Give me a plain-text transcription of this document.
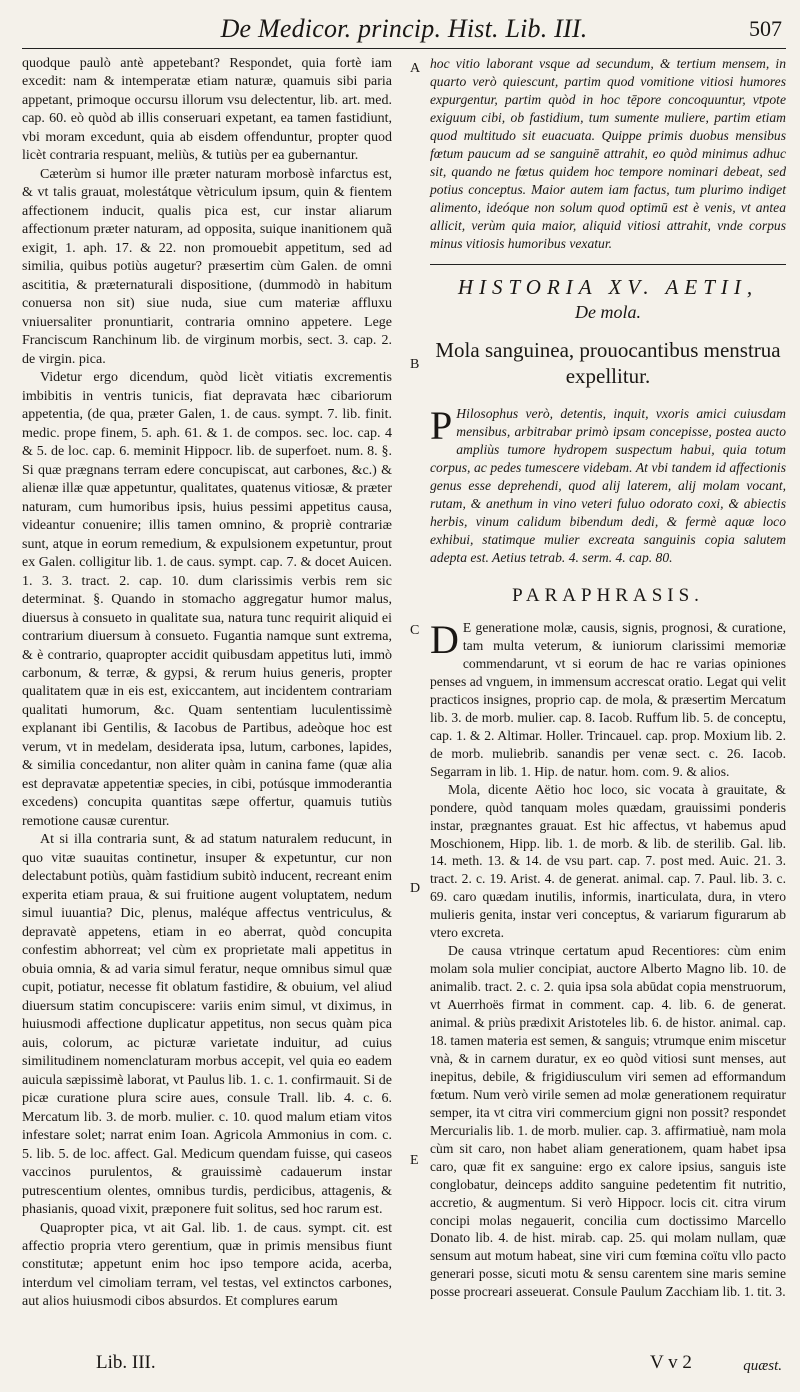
De Medicor. princip. Hist. Lib. III.	507

quodque paulò antè appetebant? Respondet, quia fortè iam excedit: nam & intemperatæ etiam naturæ, quamuis sibi paria appetant, primoque occursu illorum vsu delectentur, lib. art. med. cap. 60. eò quòd ab illis conseruari expetant, ea tamen fastidiunt, vbi moram excedunt, quia ab eisdem offenduntur, propter quod licèt contraria respuant, meliùs, & tutiùs per ea gubernantur.

Cæterùm si humor ille præter naturam morbosè infarctus est, & vt talis grauat, molestátque vètriculum ipsum, quin & fientem affectionem inducit, qualis pica est, cur instar aliarum affectionum præter naturam, ad opposita, suique inanitionem quã exigit, 1. aph. 17. & 22. non promouebit appetitum, sed ad similia, quibus potiùs augetur? præsertim cùm Galen. de omni ascititia, & præternaturali dispositione, (dummodò in habitum conuersa non sit) siue nuda, siue cum materiæ affluxu vniuersaliter pronuntiarit, contraria omnino appetere. Lege Franciscum Ranchinum lib. de virginum morbis, sect. 3. cap. 2. de virgin. pica.

Videtur ergo dicendum, quòd licèt vitiatis excrementis imbibitis in ventris tunicis, fiat depravata hæc cibariorum appetentia, (de qua, præter Galen, 1. de caus. sympt. 7. lib. finit. medic. prope finem, 5. aph. 61. & 1. de compos. sec. loc. cap. 4 & 5. de loc. cap. 6. meminit Hippocr. lib. de superfoet. num. 8. §. Si quæ prægnans terram edere concupiscat, aut carbones, &c.) & alienæ illæ quæ appetuntur, qualitates, quatenus vitiosæ, & præter naturam, cum humoribus ipsis, huius pessimi appetitus causa, videantur conuenire; illis tamen omnino, & propriè contrariæ sunt, atque in eorum remedium, & expulsionem expetuntur, prout ex Galen. colligitur lib. 1. de caus. sympt. cap. 7. & docet Auicen. 1. 3. 3. tract. 2. cap. 10. dum clarissimis verbis rem sic determinat. §. Quando in stomacho aggregatur humor malus, diuersus à consueto in qualitate sua, natura tunc requirit aliquid ei contrarium diuersum à consueto. Fugantia namque sunt extrema, & è contrario, quapropter accidit quibusdam appetitus luti, immò carbonum, & terræ, & gypsi, & rerum huius generis, propter qualitatem quæ in eis est, exiccantem, aut incidentem contrariam qualitati humorum, &c. Quam sententiam luculentissimè explanant ibi Gentilis, & Iacobus de Partibus, adeòque hoc est verum, vt in medelam, desiderata ipsa, lutum, carbones, lapides, & similia concedantur, non aliter quàm in canina fame (quæ alia est depravatæ appetentiæ species, in cibi, potúsque immoderantia excedens) concupita quantitas sæpe offertur, quamuis tutiùs remotione causæ curentur.

At si illa contraria sunt, & ad statum naturalem reducunt, in quo vitæ suauitas continetur, insuper & expetuntur, cur non delectabunt potiùs, quàm fastidium subitò inducent, recreant enim experita etiam praua, & sui fruitione augent voluptatem, nedum simul iuuantia? Dic, plenus, maléque affectus ventriculus, & depravatè appetens, etiam in eo aberrat, quòd concupita confestim abhorreat; vel cùm ex proprietate mali appetitus in obuia omnia, & ad varia simul feratur, neque omnibus simul quæ cupit, potiatur, necesse fit oblatum fastidire, & obuium, vel aliud diuersum statim concupiscere: variis enim simul, vt diximus, in huiusmodi affectione duplicatur appetitus, non secus quàm pica auis, colorum, ac picturæ varietate induitur, ad cuius similitudinem nomenclaturam morbus accepit, vel quia eo eadem auicula sæpissimè laborat, vt Paulus lib. 1. c. 1. confirmauit. Si de picæ curatione plura scire aues, consule Trall. lib. 4. c. 6. Mercatum lib. 3. de morb. mulier. c. 10. quod malum etiam vitos infestare solet; narrat enim Ioan. Agricola Ammonius in com. c. 5. lib. 5. de loc. affect. Gal. Medicum quendam fuisse, qui caseos vaccinos purulentos, & grauissimè cadauerum instar putrescentium olentes, omnibus turdis, perdicibus, attagenis, & phasianis, quoad vixit, præponere fuit solitus, sed hoc rarum est.

Quapropter pica, vt ait Gal. lib. 1. de caus. sympt. cit. est affectio propria vtero gerentium, quæ in primis mensibus fiunt constitutæ; appetunt enim hoc ipso tempore acida, acerba, interdum vel cimoliam terram, vel testas, vel extinctos carbones, aut alios huiusmodi cibos absurdos. Et complures earum

A
B
C
D
E

hoc vitio laborant vsque ad secundum, & tertium mensem, in quarto verò quiescunt, partim quod vomitione vitiosi humores expurgentur, partim quòd in hoc tēpore concoquuntur, vtpote exiguum cibi, ob fastidium, tum sumente muliere, partim etiam quod multitudo sit euacuata. Quippe primis duobus mensibus fœtum paucum ad se sanguinē attrahit, eo quòd minimus adhuc sit, quando ne fœtus quidem hoc tempore nominari debeat, sed potius conceptus. Maior autem iam factus, tum plurimo indiget alimento, ideóque non solum quod optimū est è venis, vt antea allicit, verùm quia maior, aliquid vitiosi attrahit, vnde corpus minus vitiosis humoribus vexatur.

HISTORIA XV. AETII,
De mola.
Mola sanguinea, prouocantibus menstrua expellitur.

P Hilosophus verò, detentis, inquit, vxoris amici cuiusdam mensibus, arbitrabar primò ipsam concepisse, postea aucto ampliùs tumore hydropem suspectum habui, quia totum corpus, ac pedes tumescere videbam. At vbi tandem id affectionis genus esse deprehendi, quod alij laterem, alij molam vocant, rutam, & anethum in vino veteri fuluo odorato coxi, & abiectis herbis, vinum calidum bibendum dedi, & fermè aquæ loco exhibui, statimque mulier excreata sanguinis copia salutem adepta est. Aetius tetrab. 4. serm. 4. cap. 80.

PARAPHRASIS.

D E generatione molæ, causis, signis, prognosi, & curatione, tam multa veterum, & iuniorum clarissimi memoriæ commendarunt, vt si eorum de hac re varias opiniones penses ad vnguem, in immensum accrescat oratio. Legat qui velit practicos insignes, proprio cap. de mola, & præsertim Mercatum lib. 3. de morb. mulier. cap. 8. Iacob. Ruffum lib. 5. de conceptu, cap. 1. & 2. Altimar. Holler. Trincauel. cap. prop. Moxium lib. 2. de morb. muliebrib. sanandis per venæ sect. c. 26. Iacob. Segarram in lib. 1. Hip. de natur. hom. com. 9. & alios.

Mola, dicente Aëtio hoc loco, sic vocata à grauitate, & pondere, quòd tanquam moles quædam, grauissimi ponderis instar, prægnantes grauat. Est hic affectus, vt habemus apud Moschionem, Hipp. lib. 1. de morb. & lib. de sterilib. Gal. lib. 14. meth. 13. & 14. de vsu part. cap. 7. post med. Auic. 21. 3. tract. 2. c. 19. Arist. 4. de generat. animal. cap. 7. Paul. lib. 3. c. 69. caro quædam inutilis, informis, inarticulata, dura, in vtero mulieris genita, instar veri conceptus, & variarum figurarum ab vtero excreta.

De causa vtrinque certatum apud Recentiores: cùm enim molam sola mulier concipiat, auctore Alberto Magno lib. 10. de animalib. tract. 2. c. 2. quia ipsa sola abūdat copia menstruorum, vt Auerrhoës firmat in comment. cap. 4. lib. 6. de generat. animal. & priùs prædixit Aristoteles lib. 6. de histor. animal. cap. 18. tamen materia est semen, & sanguis; vtrumque enim miscetur vnà, & in carnem duratur, ex eo quòd vitiosi sunt menses, aut inepitus, debile, & frigidiusculum viri semen ad efformandum fœtum. Num verò virile semen ad molæ generationem requiratur semper, ita vt citra viri commercium gigni non possit? respondet Mercurialis lib. 1. de morb. mulier. cap. 3. affirmatiuè, nam mola cùm sit caro, non habet aliam generationem, quam habet ipsa caro, quæ fit ex sanguine: ergo ex calore ipsius, sanguis iste conglobatur, deinceps addito sanguine pedetentim fit nutritio, accretio, & augmentum. Si verò Hippocr. locis cit. citra virum concipi molas negauerit, concilia cum doctissimo Marcello Donato lib. 4. de hist. mirab. cap. 25. qui molam nullam, quæ sensum aut motum habeat, sine viri cum fœmina coïtu vllo pacto generari posse, sicuti motu & sensu carentem sine maris semine posse procreari asseuerat. Consule Paulum Zacchiam lib. 1. tit. 3.

Lib. III.	V v 2	quæst.
